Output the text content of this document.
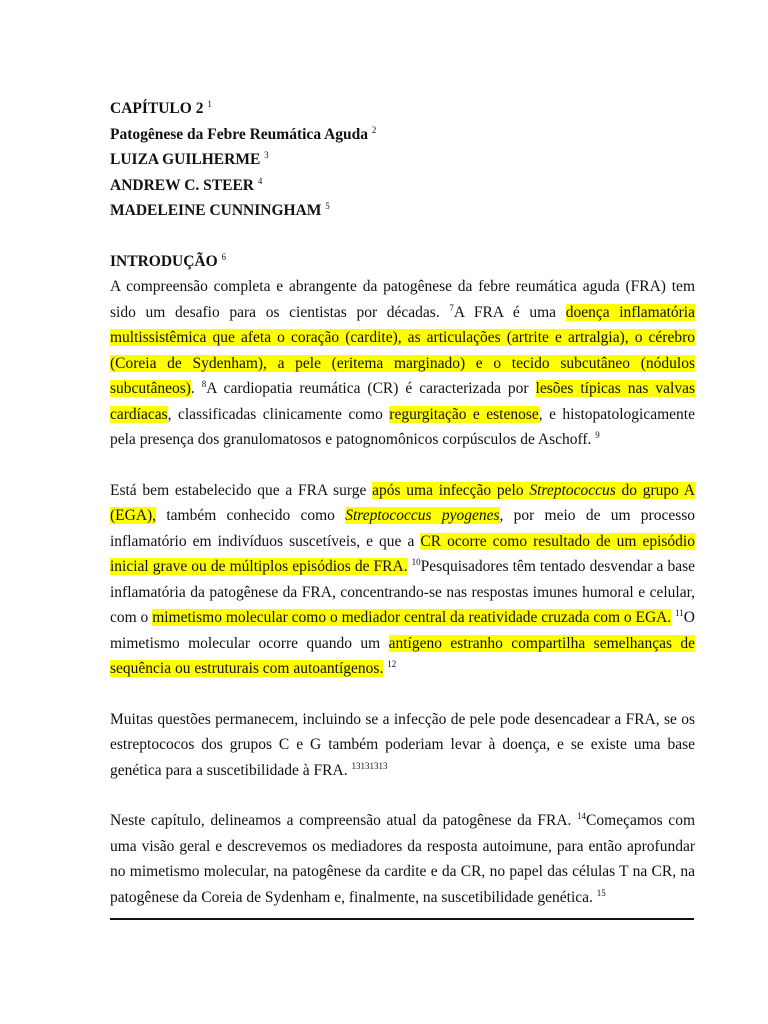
CAPÍTULO 2 $^1$

Patogênese da Febre Reumática Aguda $^2$

LUIZA GUILHERME $^3$

ANDREW C. STEER $^4$

MADELEINE CUNNINGHAM $^5$

INTRODUÇÃO $^6$

A compreensão completa e abrangente da patogênese da febre reumática aguda (FRA) tem sido um desafio para os cientistas por décadas. $^7$A FRA é uma doença inflamatória multissistêmica que afeta o coração (cardite), as articulações (artrite e artralgia), o cérebro (Coreia de Sydenham), a pele (eritema marginado) e o tecido subcutâneo (nódulos subcutâneos). $^8$A cardiopatia reumática (CR) é caracterizada por lesões típicas nas valvas cardíacas, classificadas clinicamente como regurgitação e estenose, e histopatologicamente pela presença dos granulomatosos e patognomônicos corpúsculos de Aschoff. $^9$

Está bem estabelecido que a FRA surge após uma infecção pelo Streptococcus do grupo A (EGA), também conhecido como Streptococcus pyogenes, por meio de um processo inflamatório em indivíduos suscetíveis, e que a CR ocorre como resultado de um episódio inicial grave ou de múltiplos episódios de FRA. $^{10}$Pesquisadores têm tentado desvendar a base inflamatória da patogênese da FRA, concentrando-se nas respostas imunes humoral e celular, com o mimetismo molecular como o mediador central da reatividade cruzada com o EGA. $^{11}$O mimetismo molecular ocorre quando um antígeno estranho compartilha semelhanças de sequência ou estruturais com autoantígenos. $^{12}$

Muitas questões permanecem, incluindo se a infecção de pele pode desencadear a FRA, se os estreptococos dos grupos C e G também poderiam levar à doença, e se existe uma base genética para a suscetibilidade à FRA. $^{13131313}$

Neste capítulo, delineamos a compreensão atual da patogênese da FRA. $^{14}$Começamos com uma visão geral e descrevemos os mediadores da resposta autoimune, para então aprofundar no mimetismo molecular, na patogênese da cardite e da CR, no papel das células T na CR, na patogênese da Coreia de Sydenham e, finalmente, na suscetibilidade genética. $^{15}$
